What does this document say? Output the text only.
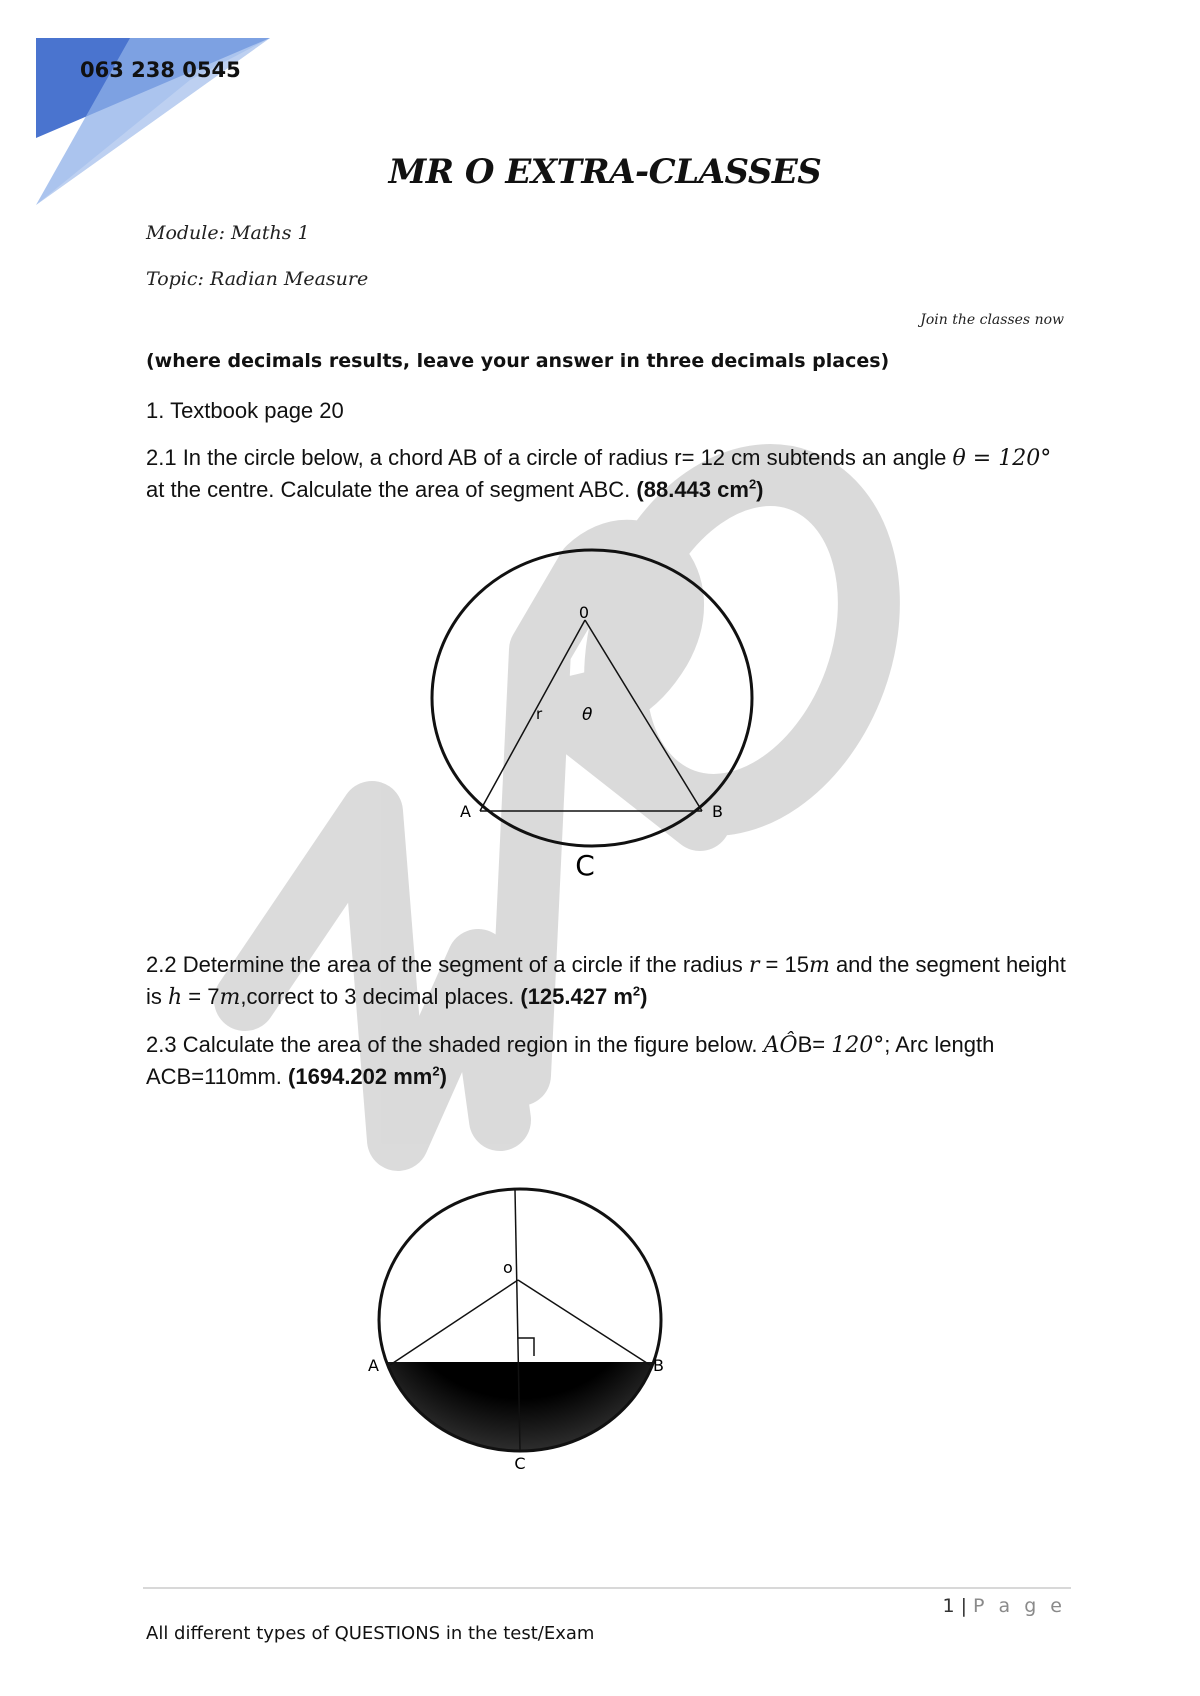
063 238 0545
MR O EXTRA-CLASSES
Module: Maths 1
Topic: Radian Measure
Join the classes now
(where decimals results, leave your answer in three decimals places)
1. Textbook page 20
2.1 In the circle below, a chord AB of a circle of radius r= 12 cm subtends an angle θ = 120° at the centre. Calculate the area of segment ABC. (88.443 $cm^2$)
0
r θ
A	B
C
2.2 Determine the area of the segment of a circle if the radius r = 15m and the segment height is h = 7m,correct to 3 decimal places. (125.427 $m^2$)
2.3 Calculate the area of the shaded region in the figure below. AÔB= 120°; Arc length ACB=110mm. (1694.202 $mm^2$)
o
A	B
C
1 | P a g e
All different types of QUESTIONS in the test/Exam
